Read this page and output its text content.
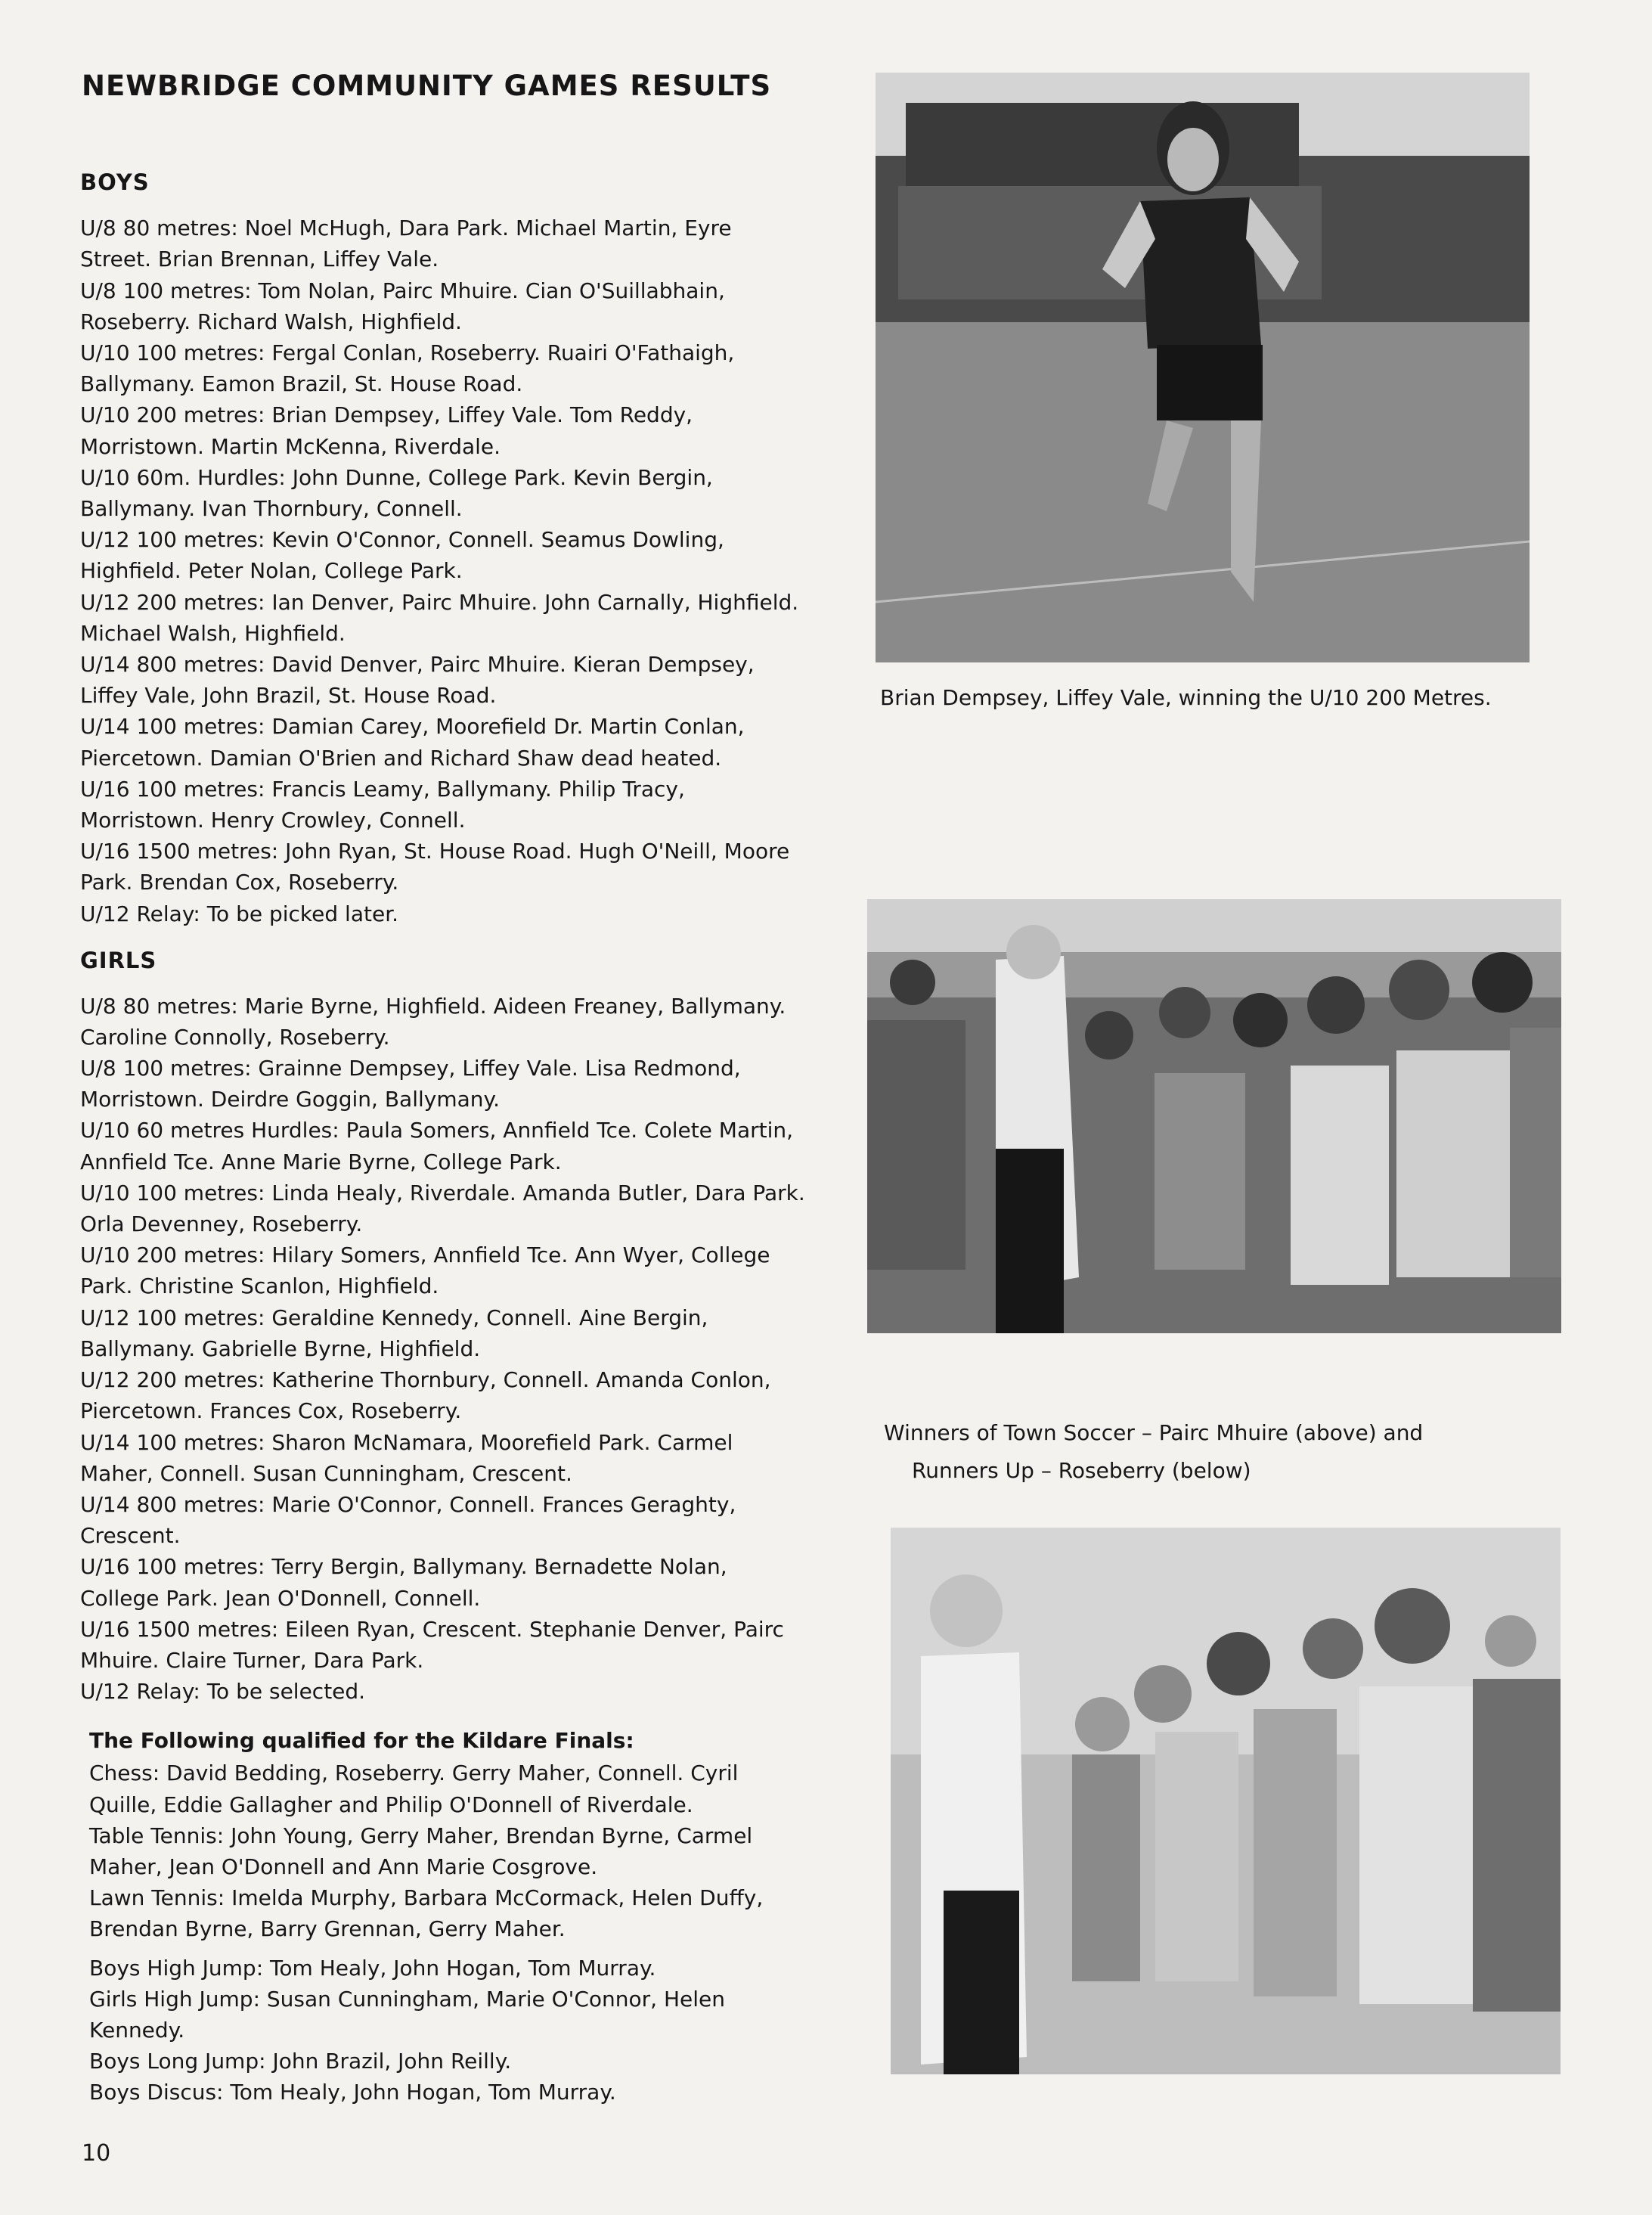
NEWBRIDGE COMMUNITY GAMES RESULTS
BOYS
U/8 80 metres: Noel McHugh, Dara Park. Michael Martin, Eyre Street. Brian Brennan, Liffey Vale.
U/8 100 metres: Tom Nolan, Pairc Mhuire. Cian O'Suillabhain, Roseberry. Richard Walsh, Highfield.
U/10 100 metres: Fergal Conlan, Roseberry. Ruairi O'Fathaigh, Ballymany. Eamon Brazil, St. House Road.
U/10 200 metres: Brian Dempsey, Liffey Vale. Tom Reddy, Morristown. Martin McKenna, Riverdale.
U/10 60m. Hurdles: John Dunne, College Park. Kevin Bergin, Ballymany. Ivan Thornbury, Connell.
U/12 100 metres: Kevin O'Connor, Connell. Seamus Dowling, Highfield. Peter Nolan, College Park.
U/12 200 metres: Ian Denver, Pairc Mhuire. John Carnally, Highfield. Michael Walsh, Highfield.
U/14 800 metres: David Denver, Pairc Mhuire. Kieran Dempsey, Liffey Vale, John Brazil, St. House Road.
U/14 100 metres: Damian Carey, Moorefield Dr. Martin Conlan, Piercetown. Damian O'Brien and Richard Shaw dead heated.
U/16 100 metres: Francis Leamy, Ballymany. Philip Tracy, Morristown. Henry Crowley, Connell.
U/16 1500 metres: John Ryan, St. House Road. Hugh O'Neill, Moore Park. Brendan Cox, Roseberry.
U/12 Relay: To be picked later.
GIRLS
U/8 80 metres: Marie Byrne, Highfield. Aideen Freaney, Ballymany. Caroline Connolly, Roseberry.
U/8 100 metres: Grainne Dempsey, Liffey Vale. Lisa Redmond, Morristown. Deirdre Goggin, Ballymany.
U/10 60 metres Hurdles: Paula Somers, Annfield Tce. Colete Martin, Annfield Tce. Anne Marie Byrne, College Park.
U/10 100 metres: Linda Healy, Riverdale. Amanda Butler, Dara Park. Orla Devenney, Roseberry.
U/10 200 metres: Hilary Somers, Annfield Tce. Ann Wyer, College Park. Christine Scanlon, Highfield.
U/12 100 metres: Geraldine Kennedy, Connell. Aine Bergin, Ballymany. Gabrielle Byrne, Highfield.
U/12 200 metres: Katherine Thornbury, Connell. Amanda Conlon, Piercetown. Frances Cox, Roseberry.
U/14 100 metres: Sharon McNamara, Moorefield Park. Carmel Maher, Connell. Susan Cunningham, Crescent.
U/14 800 metres: Marie O'Connor, Connell. Frances Geraghty, Crescent.
U/16 100 metres: Terry Bergin, Ballymany. Bernadette Nolan, College Park. Jean O'Donnell, Connell.
U/16 1500 metres: Eileen Ryan, Crescent. Stephanie Denver, Pairc Mhuire. Claire Turner, Dara Park.
U/12 Relay: To be selected.
The Following qualified for the Kildare Finals:
Chess: David Bedding, Roseberry. Gerry Maher, Connell. Cyril Quille, Eddie Gallagher and Philip O'Donnell of Riverdale.
Table Tennis: John Young, Gerry Maher, Brendan Byrne, Carmel Maher, Jean O'Donnell and Ann Marie Cosgrove.
Lawn Tennis: Imelda Murphy, Barbara McCormack, Helen Duffy, Brendan Byrne, Barry Grennan, Gerry Maher.
Boys High Jump: Tom Healy, John Hogan, Tom Murray.
Girls High Jump: Susan Cunningham, Marie O'Connor, Helen Kennedy.
Boys Long Jump: John Brazil, John Reilly.
Boys Discus: Tom Healy, John Hogan, Tom Murray.
Brian Dempsey, Liffey Vale, winning the U/10 200 Metres.
Winners of Town Soccer – Pairc Mhuire (above) and
Runners Up – Roseberry (below)
10
